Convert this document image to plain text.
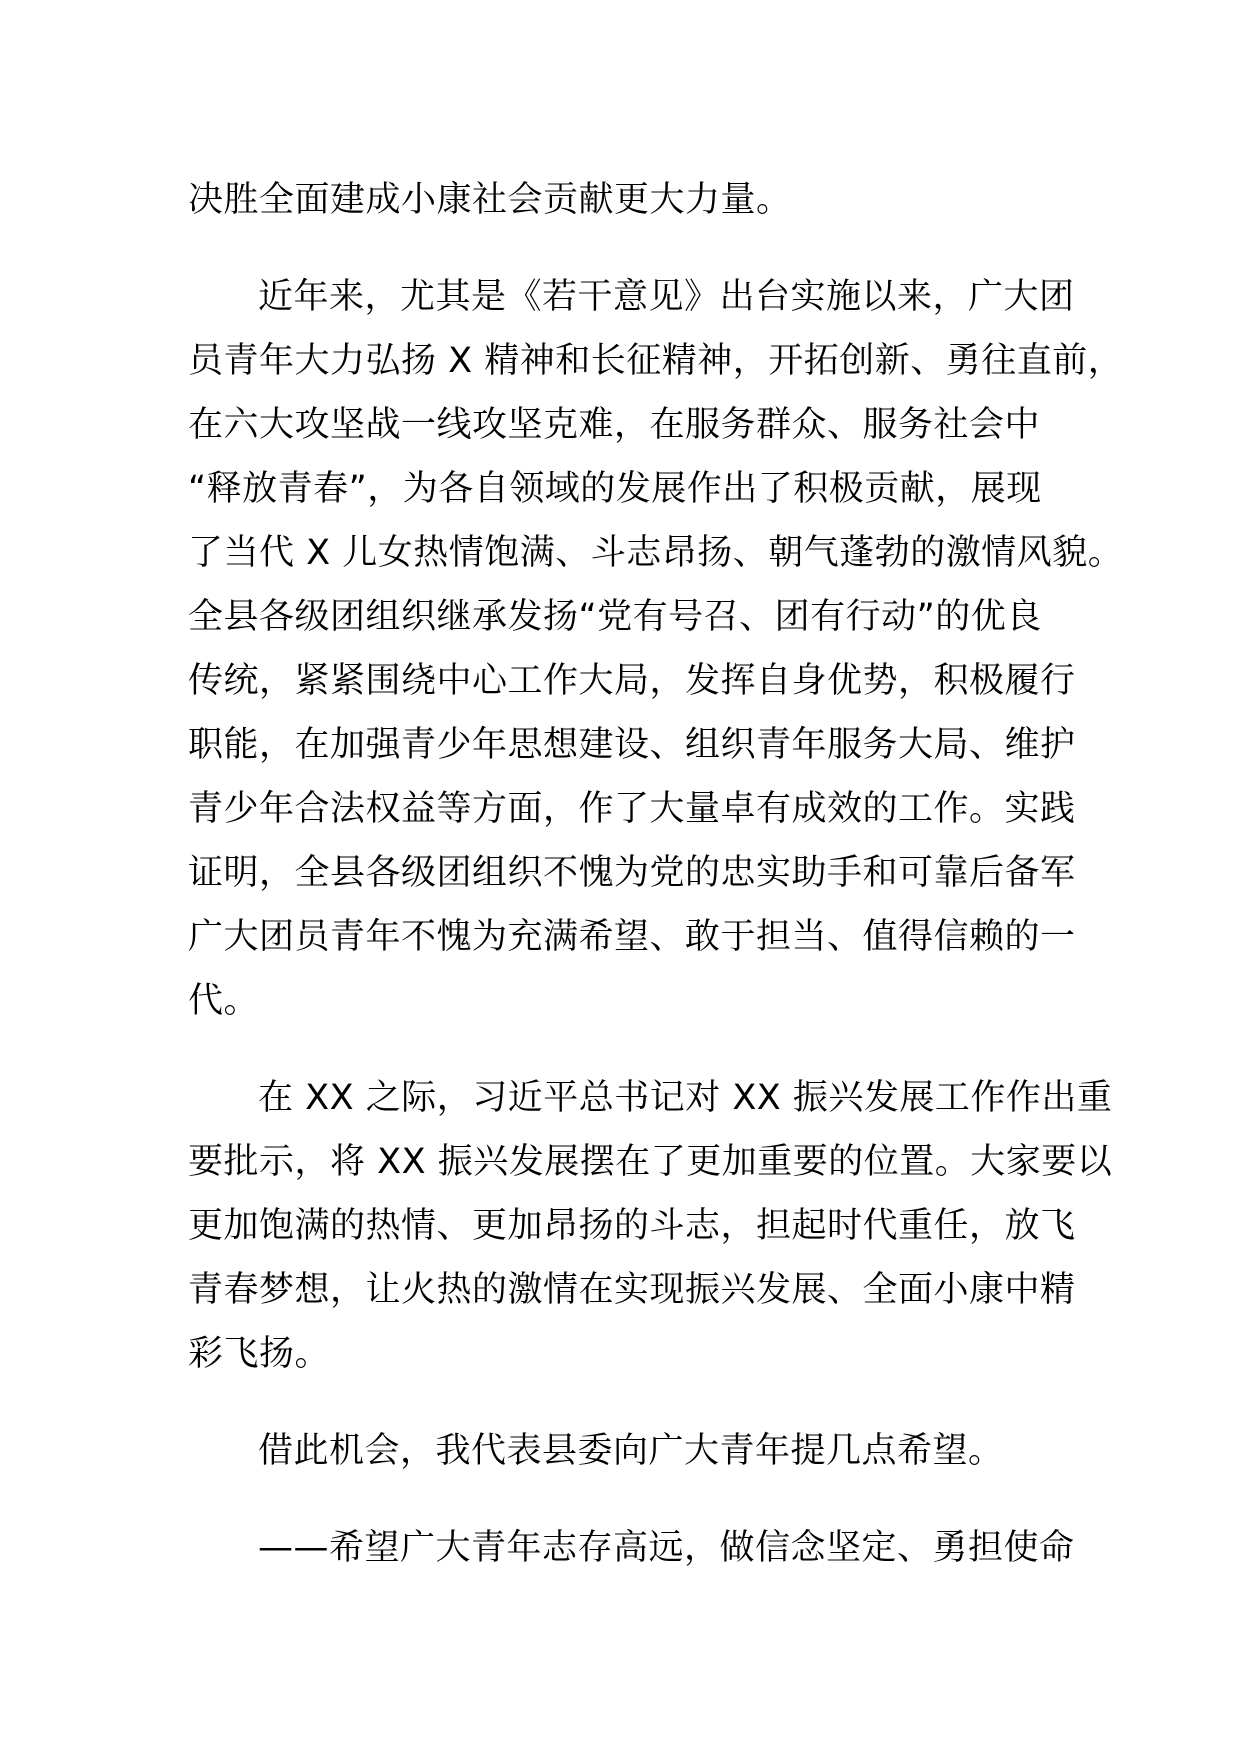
决胜全面建成小康社会贡献更大力量。
近年来，尤其是《若干意见》出台实施以来，广大团
员青年大力弘扬 X 精神和长征精神，开拓创新、勇往直前，
在六大攻坚战一线攻坚克难，在服务群众、服务社会中
“释放青春”，为各自领域的发展作出了积极贡献，展现
了当代 X 儿女热情饱满、斗志昂扬、朝气蓬勃的激情风貌。
全县各级团组织继承发扬“党有号召、团有行动”的优良
传统，紧紧围绕中心工作大局，发挥自身优势，积极履行
职能，在加强青少年思想建设、组织青年服务大局、维护
青少年合法权益等方面，作了大量卓有成效的工作。实践
证明，全县各级团组织不愧为党的忠实助手和可靠后备军
广大团员青年不愧为充满希望、敢于担当、值得信赖的一
代。
在 XX 之际，习近平总书记对 XX 振兴发展工作作出重
要批示，将 XX 振兴发展摆在了更加重要的位置。大家要以
更加饱满的热情、更加昂扬的斗志，担起时代重任，放飞
青春梦想，让火热的激情在实现振兴发展、全面小康中精
彩飞扬。
借此机会，我代表县委向广大青年提几点希望。
——希望广大青年志存高远，做信念坚定、勇担使命
